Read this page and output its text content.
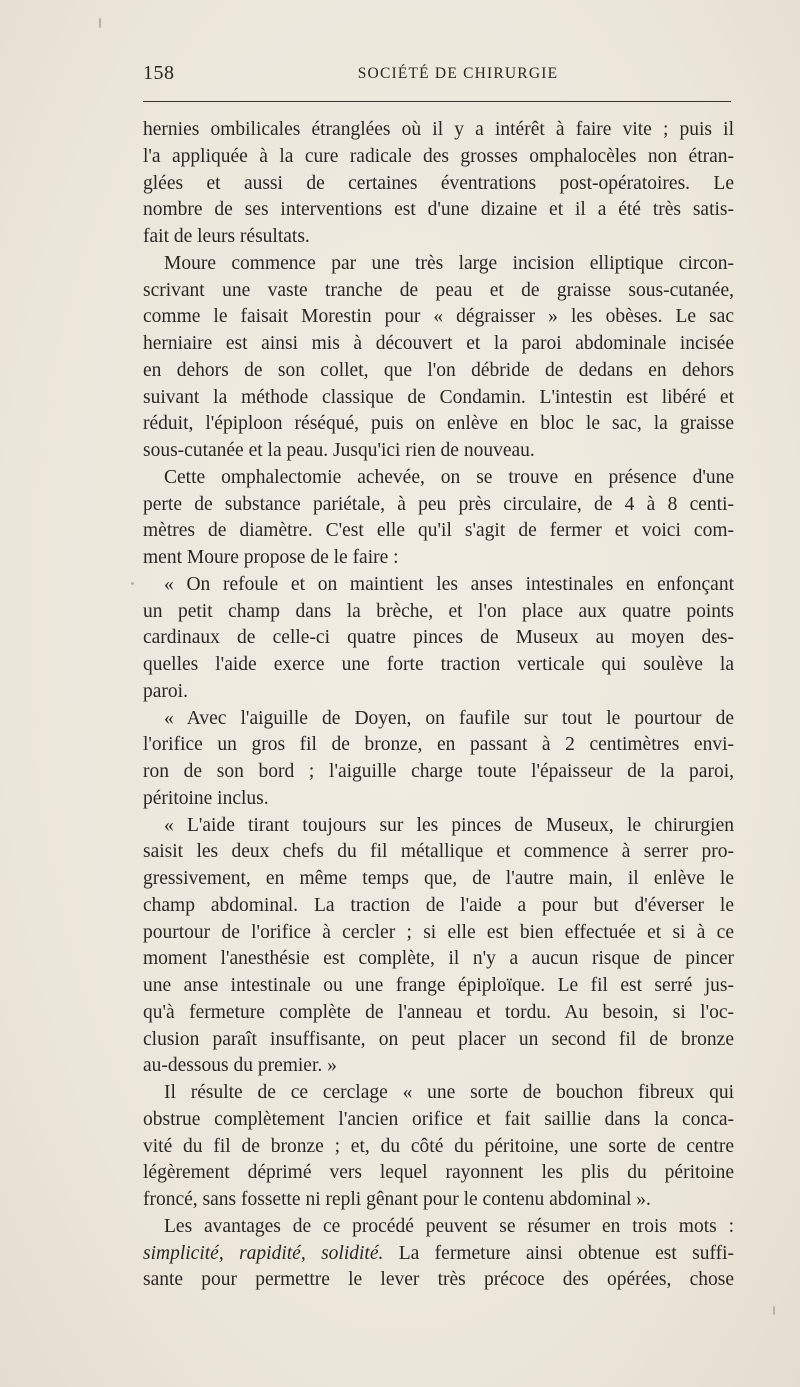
158	SOCIÉTÉ DE CHIRURGIE
hernies ombilicales étranglées où il y a intérêt à faire vite ; puis il
l'a appliquée à la cure radicale des grosses omphalocèles non étran-
glées et aussi de certaines éventrations post-opératoires. Le
nombre de ses interventions est d'une dizaine et il a été très satis-
fait de leurs résultats.
Moure commence par une très large incision elliptique circon-
scrivant une vaste tranche de peau et de graisse sous-cutanée,
comme le faisait Morestin pour « dégraisser » les obèses. Le sac
herniaire est ainsi mis à découvert et la paroi abdominale incisée
en dehors de son collet, que l'on débride de dedans en dehors
suivant la méthode classique de Condamin. L'intestin est libéré et
réduit, l'épiploon réséqué, puis on enlève en bloc le sac, la graisse
sous-cutanée et la peau. Jusqu'ici rien de nouveau.
Cette omphalectomie achevée, on se trouve en présence d'une
perte de substance pariétale, à peu près circulaire, de 4 à 8 centi-
mètres de diamètre. C'est elle qu'il s'agit de fermer et voici com-
ment Moure propose de le faire :
« On refoule et on maintient les anses intestinales en enfonçant
un petit champ dans la brèche, et l'on place aux quatre points
cardinaux de celle-ci quatre pinces de Museux au moyen des-
quelles l'aide exerce une forte traction verticale qui soulève la
paroi.
« Avec l'aiguille de Doyen, on faufile sur tout le pourtour de
l'orifice un gros fil de bronze, en passant à 2 centimètres envi-
ron de son bord ; l'aiguille charge toute l'épaisseur de la paroi,
péritoine inclus.
« L'aide tirant toujours sur les pinces de Museux, le chirurgien
saisit les deux chefs du fil métallique et commence à serrer pro-
gressivement, en même temps que, de l'autre main, il enlève le
champ abdominal. La traction de l'aide a pour but d'éverser le
pourtour de l'orifice à cercler ; si elle est bien effectuée et si à ce
moment l'anesthésie est complète, il n'y a aucun risque de pincer
une anse intestinale ou une frange épiploïque. Le fil est serré jus-
qu'à fermeture complète de l'anneau et tordu. Au besoin, si l'oc-
clusion paraît insuffisante, on peut placer un second fil de bronze
au-dessous du premier. »
Il résulte de ce cerclage « une sorte de bouchon fibreux qui
obstrue complètement l'ancien orifice et fait saillie dans la conca-
vité du fil de bronze ; et, du côté du péritoine, une sorte de centre
légèrement déprimé vers lequel rayonnent les plis du péritoine
froncé, sans fossette ni repli gênant pour le contenu abdominal ».
Les avantages de ce procédé peuvent se résumer en trois mots :
simplicité, rapidité, solidité. La fermeture ainsi obtenue est suffi-
sante pour permettre le lever très précoce des opérées, chose
